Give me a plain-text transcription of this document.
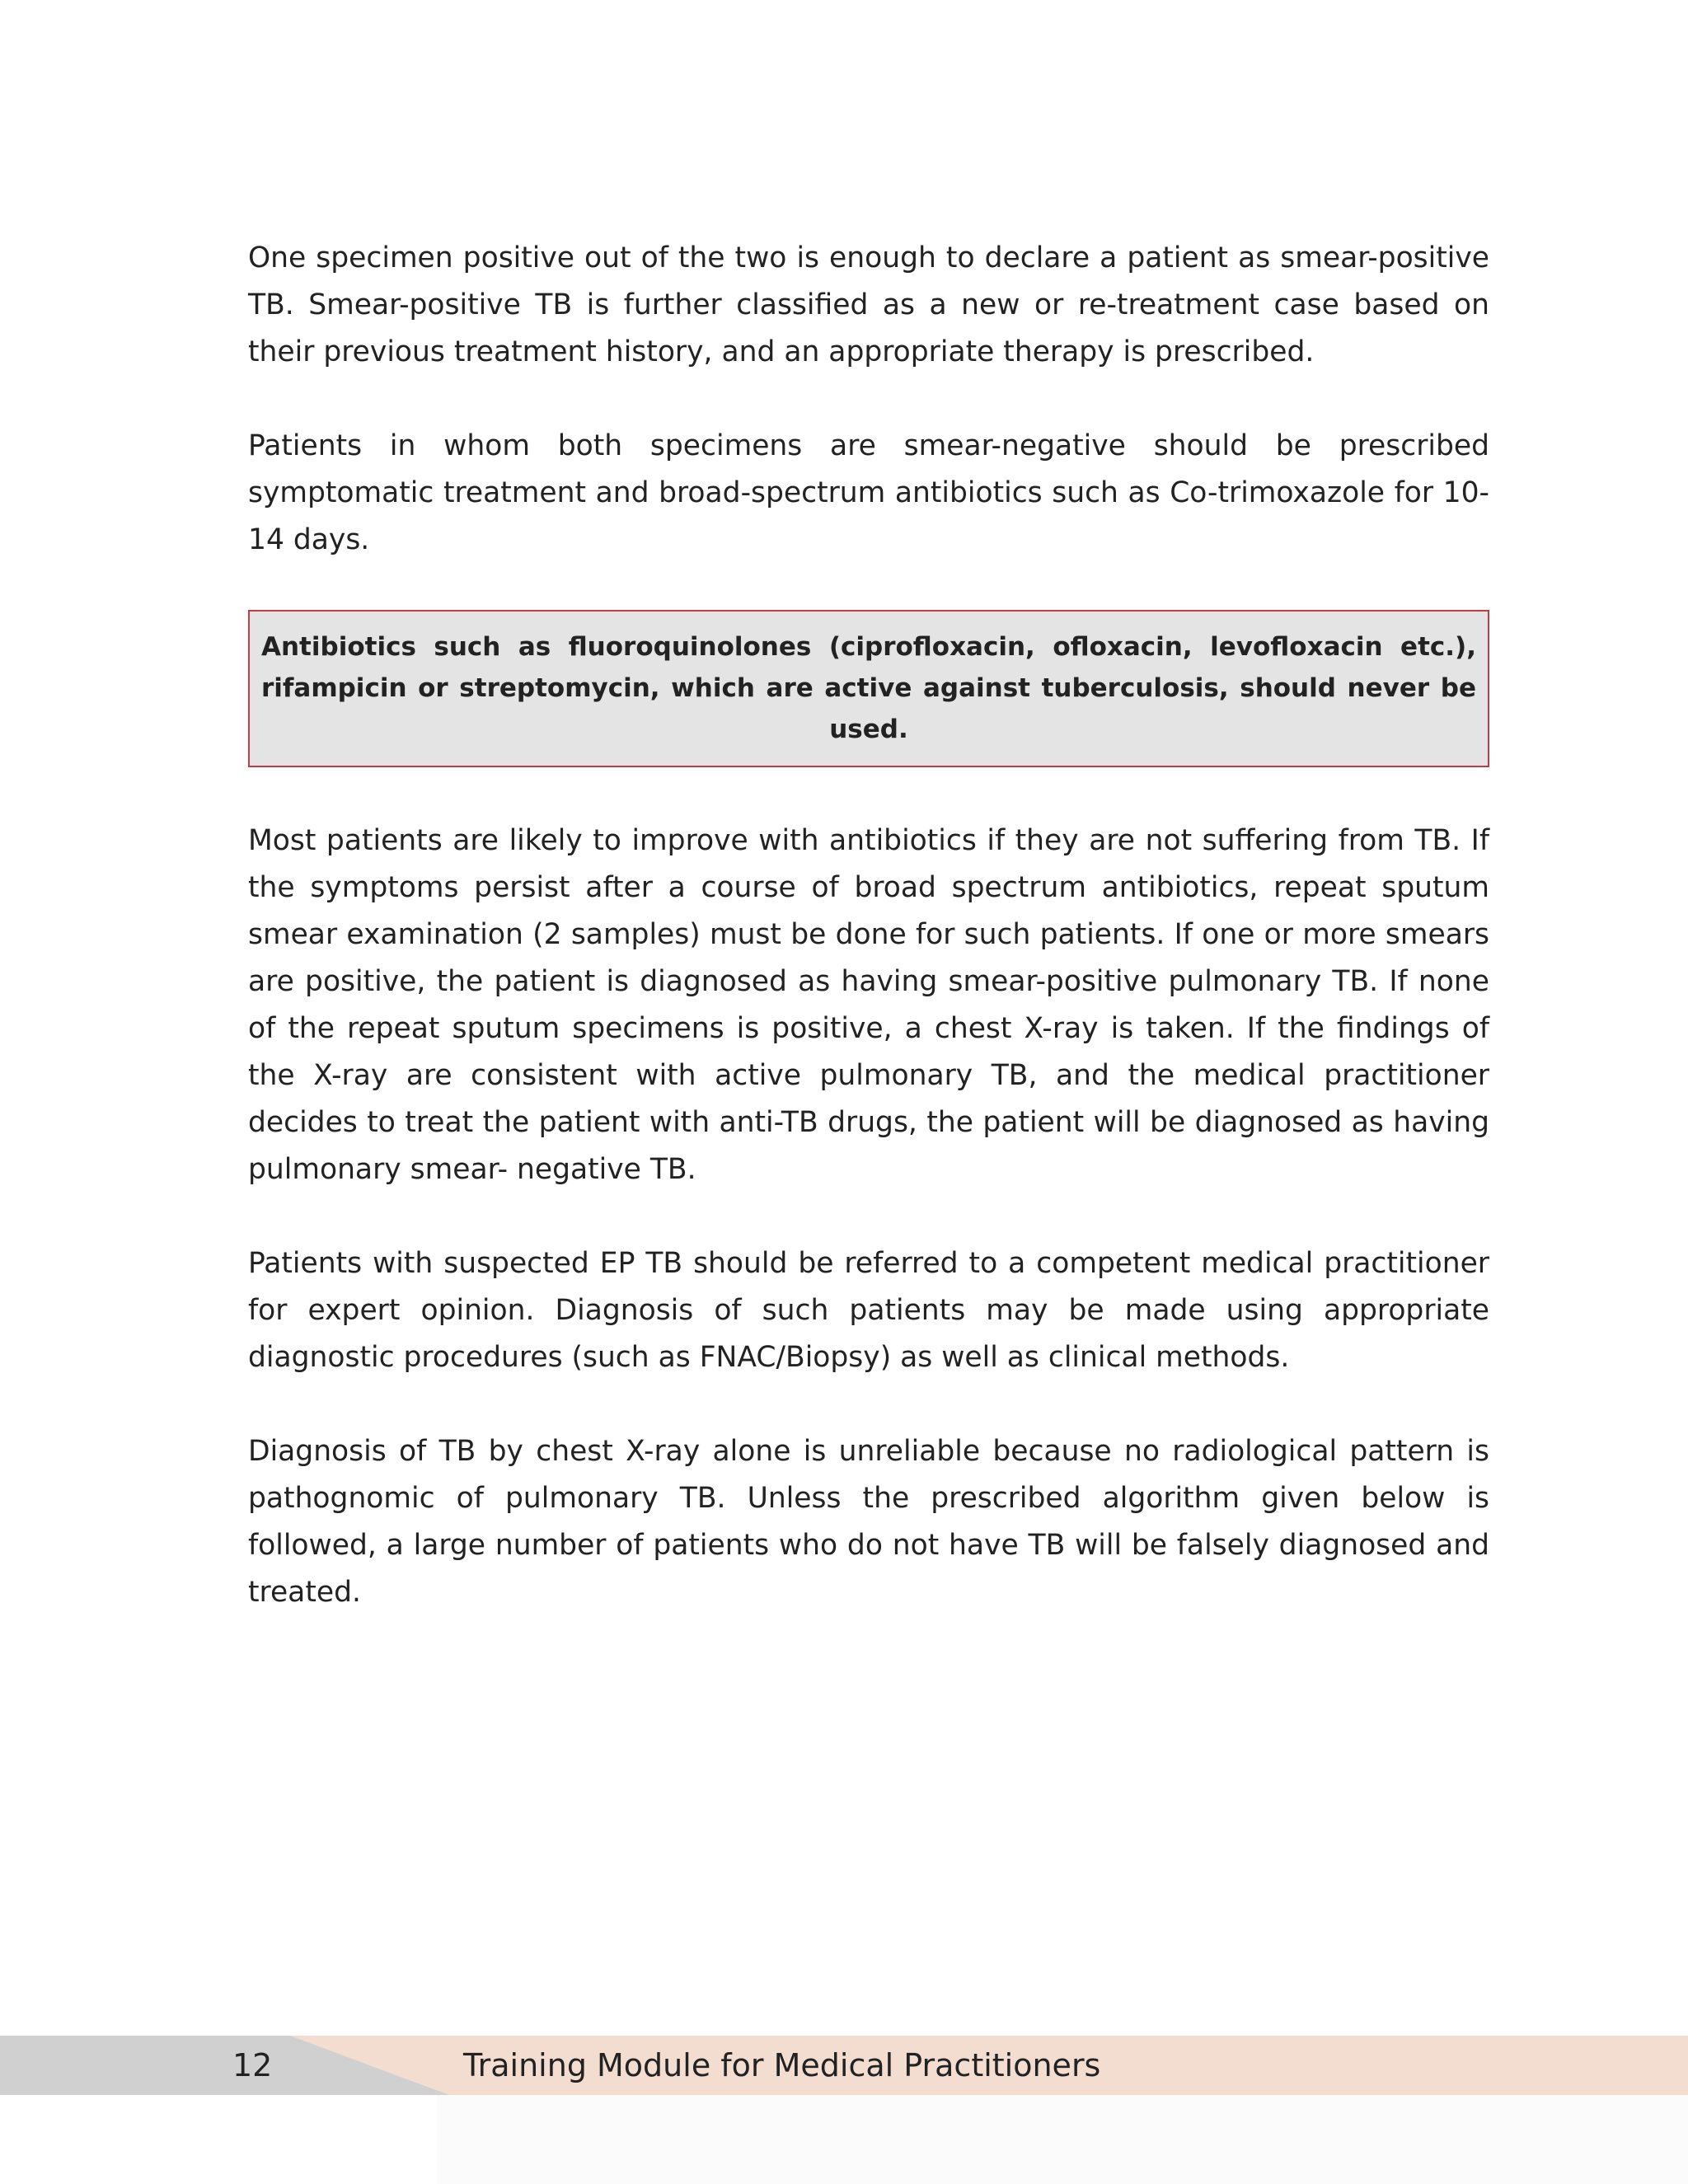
One specimen positive out of the two is enough to declare a patient as smear-positive TB. Smear-positive TB is further classified as a new or re-treatment case based on their previous treatment history, and an appropriate therapy is prescribed.

Patients in whom both specimens are smear-negative should be prescribed symptomatic treatment and broad-spectrum antibiotics such as Co-trimoxazole for 10-14 days.

Antibiotics such as fluoroquinolones (ciprofloxacin, ofloxacin, levofloxacin etc.), rifampicin or streptomycin, which are active against tuberculosis, should never be used.

Most patients are likely to improve with antibiotics if they are not suffering from TB. If the symptoms persist after a course of broad spectrum antibiotics, repeat sputum smear examination (2 samples) must be done for such patients. If one or more smears are positive, the patient is diagnosed as having smear-positive pulmonary TB. If none of the repeat sputum specimens is positive, a chest X-ray is taken. If the findings of the X-ray are consistent with active pulmonary TB, and the medical practitioner decides to treat the patient with anti-TB drugs, the patient will be diagnosed as having pulmonary smear- negative TB.

Patients with suspected EP TB should be referred to a competent medical practitioner for expert opinion. Diagnosis of such patients may be made using appropriate diagnostic procedures (such as FNAC/Biopsy) as well as clinical methods.

Diagnosis of TB by chest X-ray alone is unreliable because no radiological pattern is pathognomic of pulmonary TB. Unless the prescribed algorithm given below is followed, a large number of patients who do not have TB will be falsely diagnosed and treated.

12	Training Module for Medical Practitioners
